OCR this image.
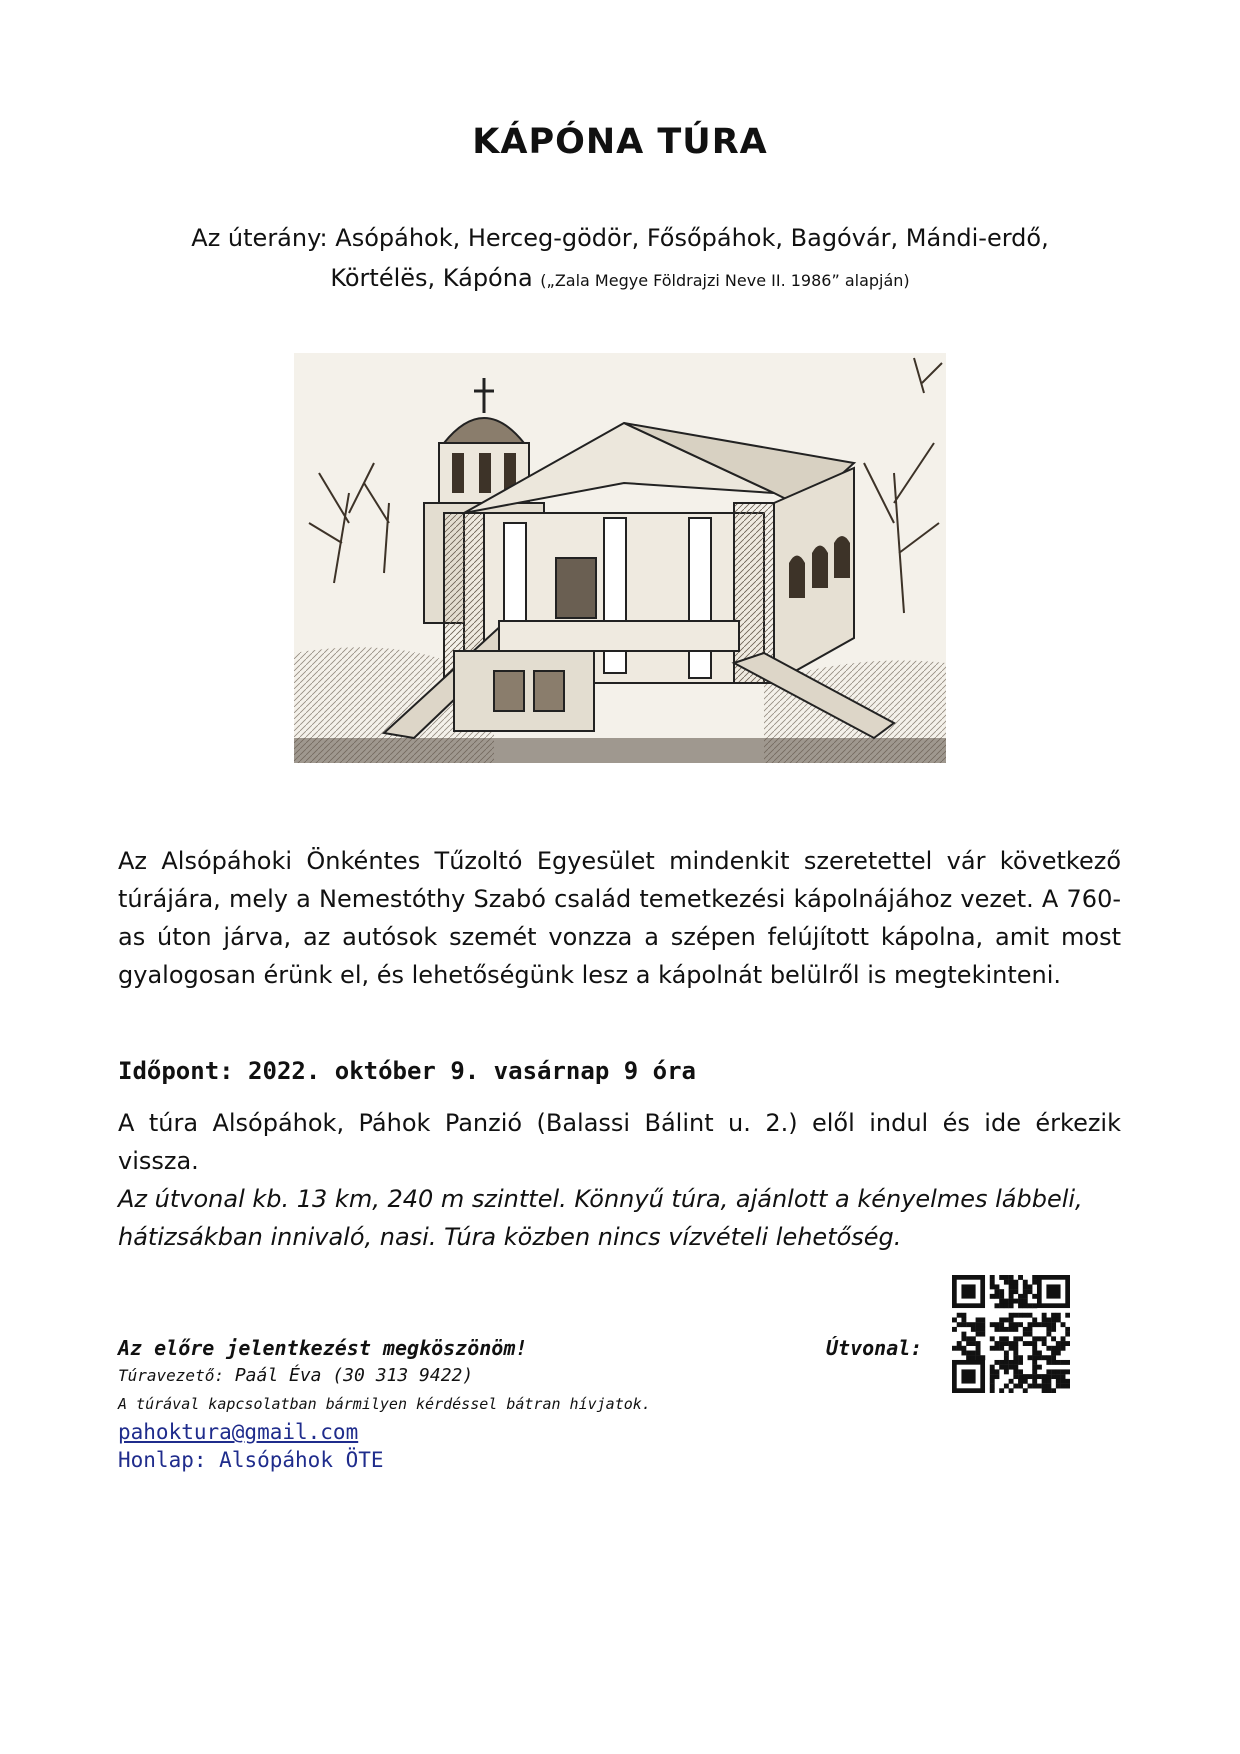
KÁPÓNA TÚRA
Az úterány: Asópáhok, Herceg-gödör, Fősőpáhok, Bagóvár, Mándi-erdő,
Körtélës, Kápóna („Zala Megye Földrajzi Neve II. 1986” alapján)
Az Alsópáhoki Önkéntes Tűzoltó Egyesület mindenkit szeretettel vár következő túrájára, mely a Nemestóthy Szabó család temetkezési kápolnájához vezet. A 760-as úton járva, az autósok szemét vonzza a szépen felújított kápolna, amit most gyalogosan érünk el, és lehetőségünk lesz a kápolnát belülről is megtekinteni.
Időpont: 2022. október 9. vasárnap 9 óra
A túra Alsópáhok, Páhok Panzió (Balassi Bálint u. 2.) elől indul és ide érkezik vissza.
Az útvonal kb. 13 km, 240 m szinttel. Könnyű túra, ajánlott a kényelmes lábbeli, hátizsákban innivaló, nasi. Túra közben nincs vízvételi lehetőség.
Az előre jelentkezést megköszönöm!
Túravezető: Paál Éva (30 313 9422)
A túrával kapcsolatban bármilyen kérdéssel bátran hívjatok.
pahoktura@gmail.com
Honlap: Alsópáhok ÖTE
Útvonal:
